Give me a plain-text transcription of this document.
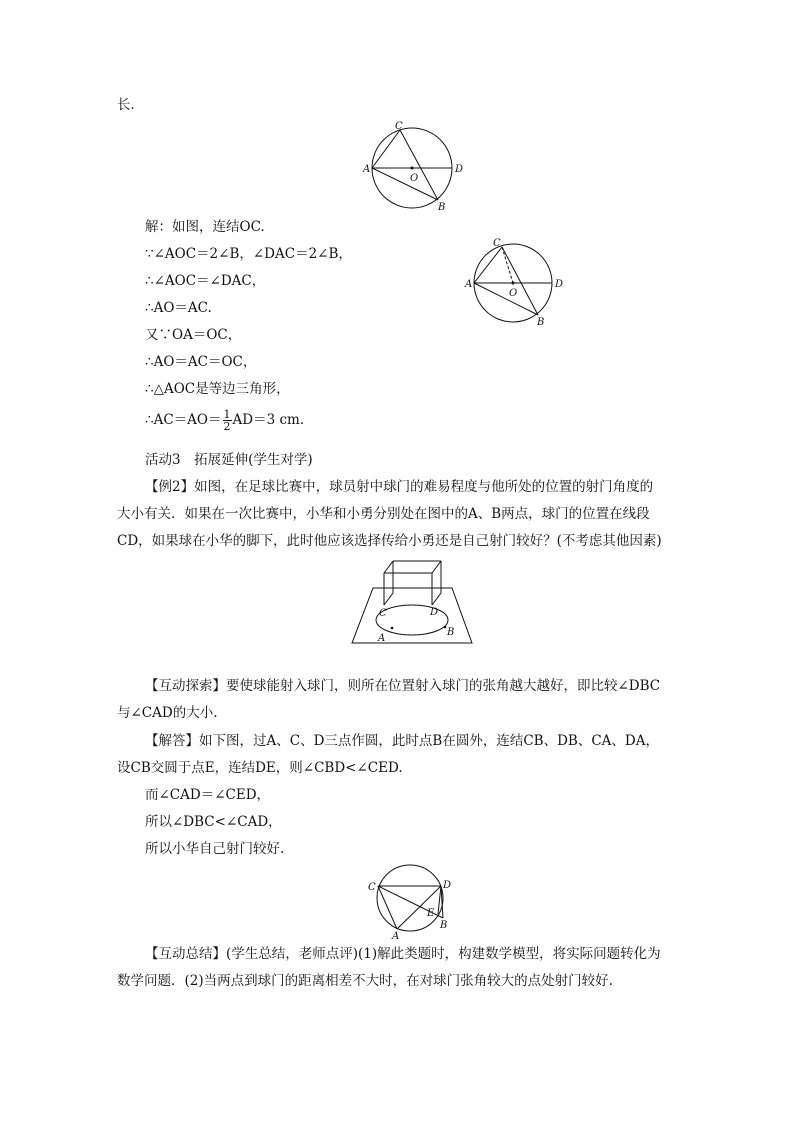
长．
C
A
O
D
B
解：如图，连结OC.
∵∠AOC＝2∠B，∠DAC＝2∠B，
∴∠AOC＝∠DAC，
∴AO＝AC.
又∵OA＝OC，
∴AO＝AC＝OC，
∴△AOC是等边三角形，
∴AC＝AO＝ $\frac{1}{2} AD=3$ cm.
C
A
O
D
B
活动3　拓展延伸(学生对学)
【例2】如图，在足球比赛中，球员射中球门的难易程度与他所处的位置的射门角度的
大小有关．如果在一次比赛中，小华和小勇分别处在图中的A、B两点，球门的位置在线段
CD，如果球在小华的脚下，此时他应该选择传给小勇还是自己射门较好？(不考虑其他因素)
C	D
A
B
【互动探索】要使球能射入球门，则所在位置射入球门的张角越大越好，即比较∠DBC
与∠CAD的大小.
【解答】如下图，过A、C、D三点作圆，此时点B在圆外，连结CB、DB、CA、DA，
设CB交圆于点E，连结DE，则∠CBD<∠CED.
而∠CAD＝∠CED，
所以∠DBC<∠CAD，
所以小华自己射门较好.
C	D
E
A
B
【互动总结】(学生总结，老师点评)(1)解此类题时，构建数学模型，将实际问题转化为
数学问题．(2)当两点到球门的距离相差不大时，在对球门张角较大的点处射门较好.
